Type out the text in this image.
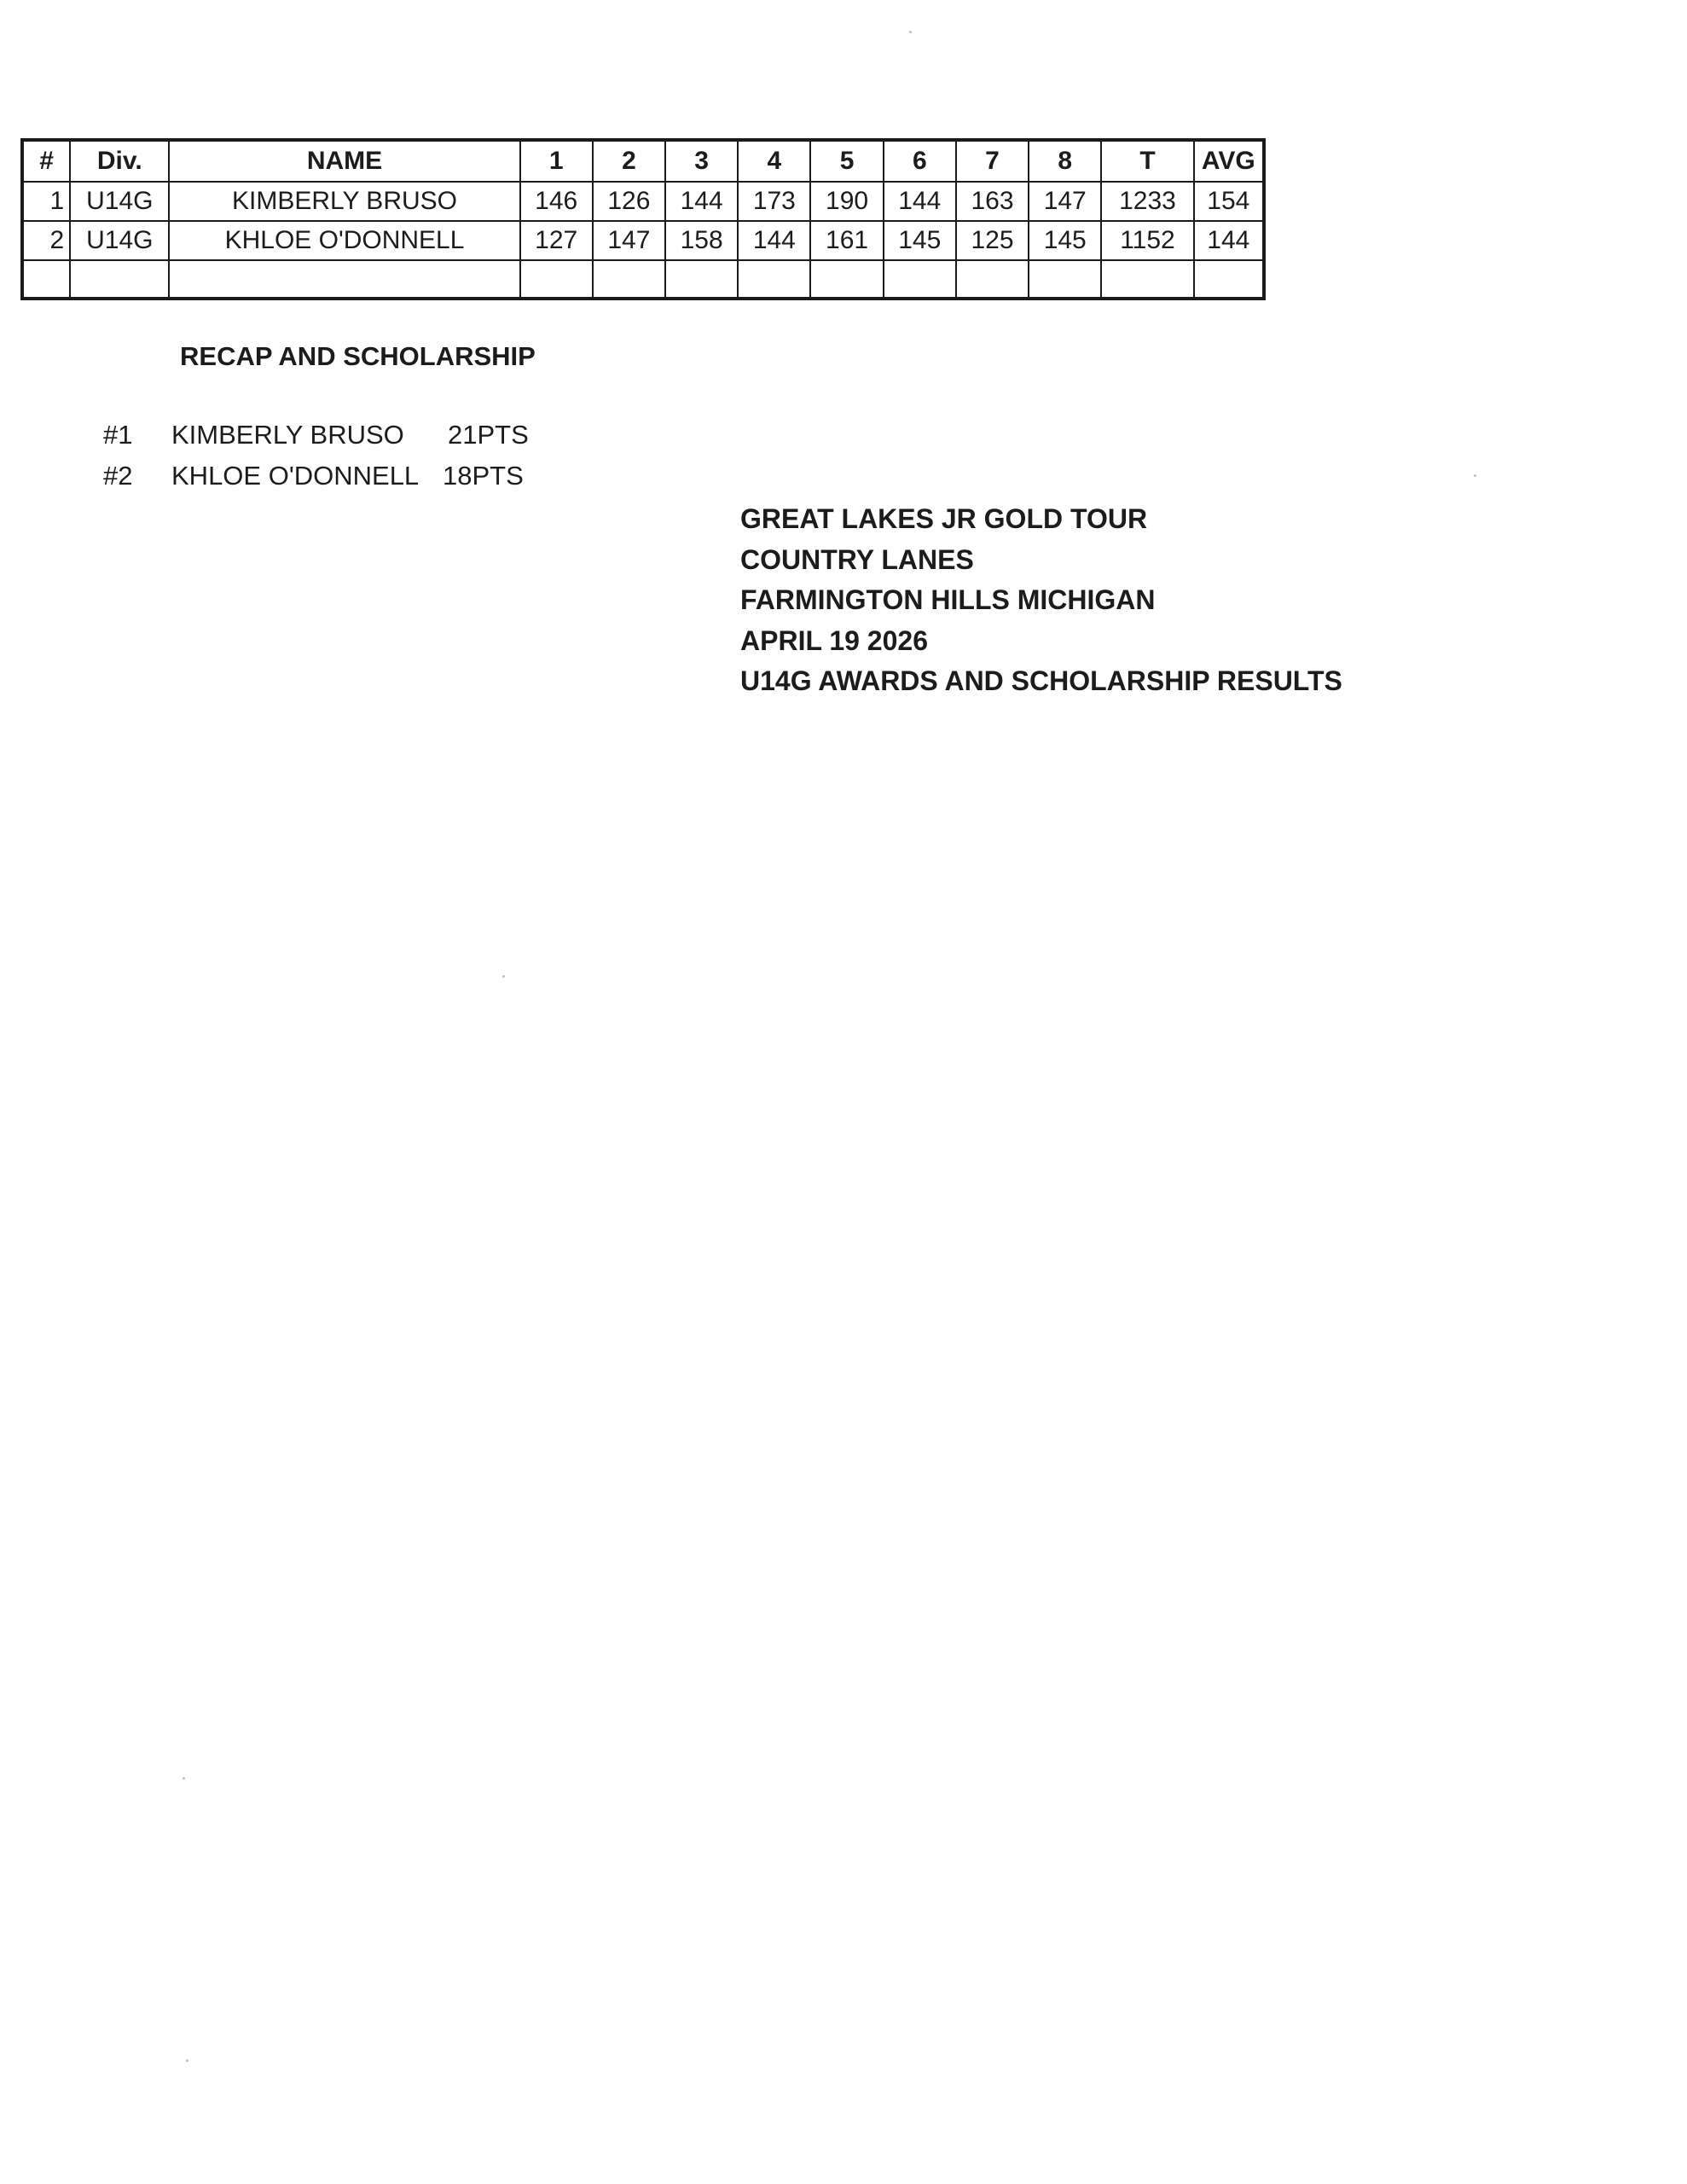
#	Div.	NAME	1	2	3	4	5	6	7	8	T	AVG
1	U14G	KIMBERLY BRUSO	146	126	144	173	190	144	163	147	1233	154
2	U14G	KHLOE O'DONNELL	127	147	158	144	161	145	125	145	1152	144

RECAP AND SCHOLARSHIP
#1 KIMBERLY BRUSO 21PTS
#2 KHLOE O'DONNELL 18PTS
GREAT LAKES JR GOLD TOUR
COUNTRY LANES
FARMINGTON HILLS MICHIGAN
APRIL 19 2026
U14G AWARDS AND SCHOLARSHIP RESULTS
